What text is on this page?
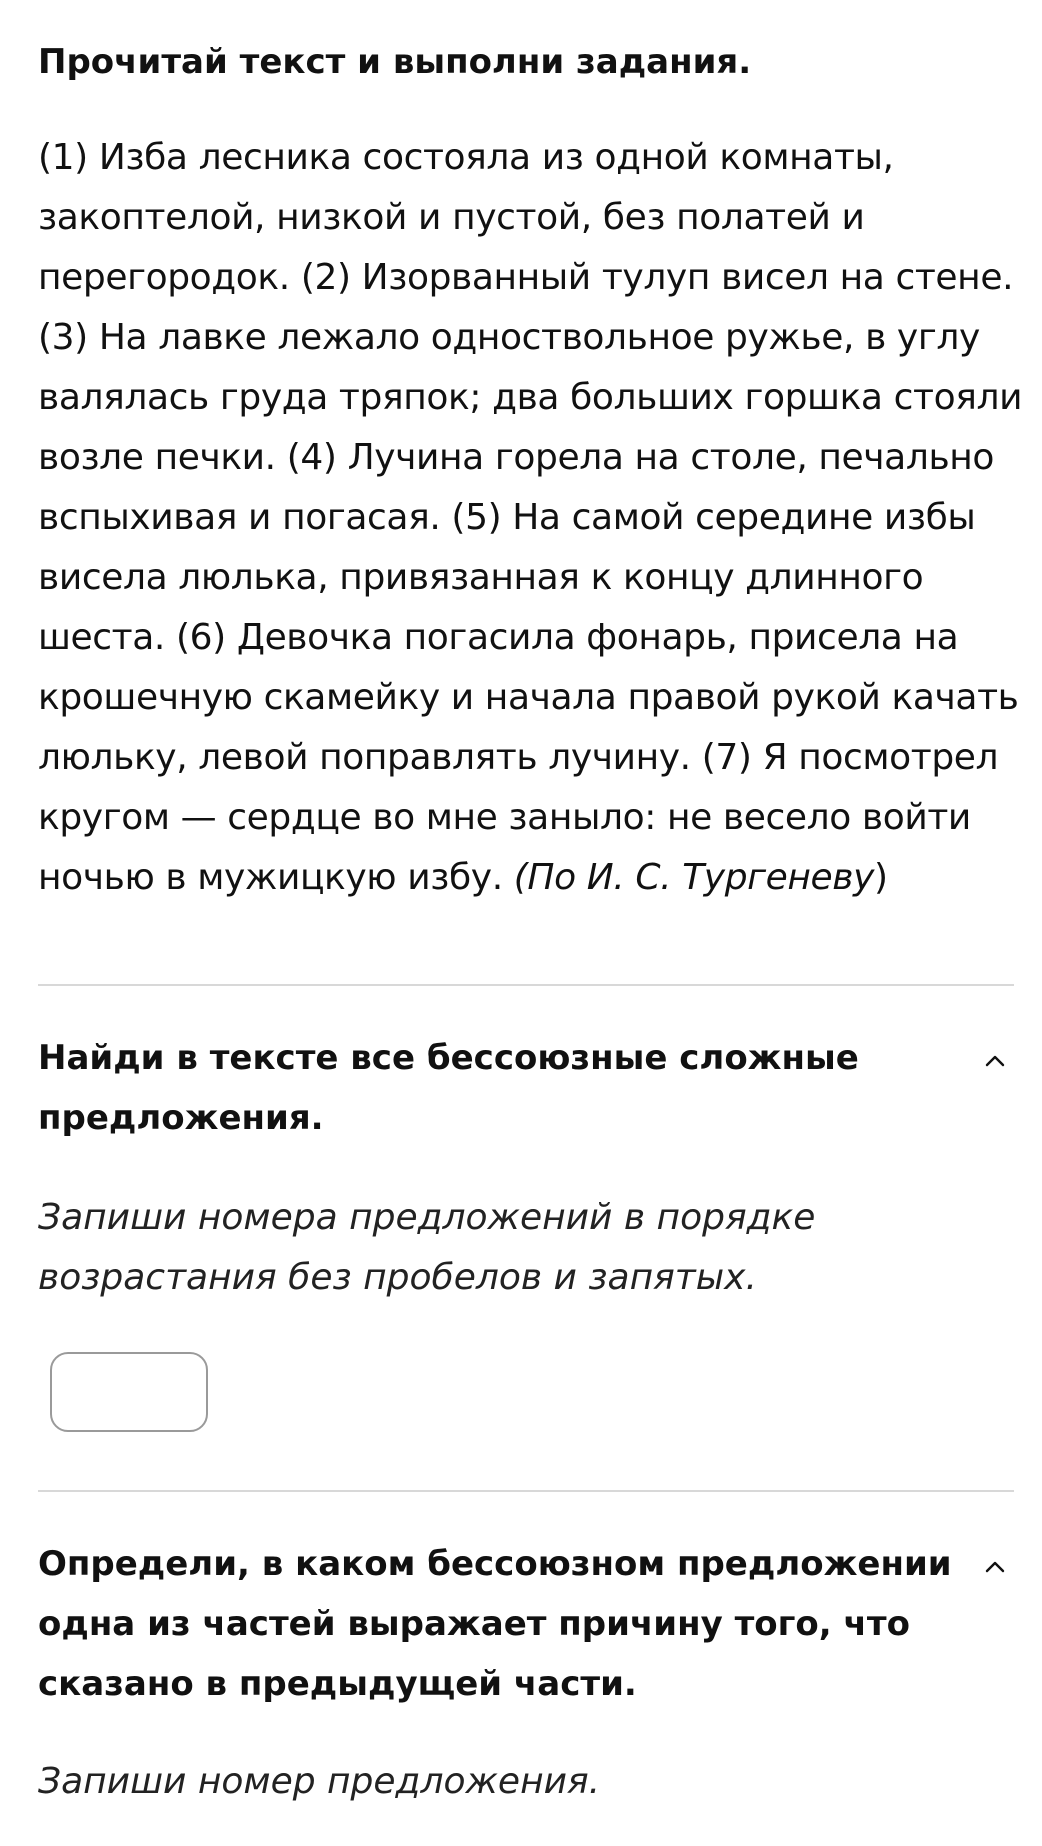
Прочитай текст и выполни задания.
(1) Изба лесника состояла из одной комнаты,
закоптелой, низкой и пустой, без полатей и
перегородок. (2) Изорванный тулуп висел на стене.
(3) На лавке лежало одноствольное ружье, в углу
валялась груда тряпок; два больших горшка стояли
возле печки. (4) Лучина горела на столе, печально
вспыхивая и погасая. (5) На самой середине избы
висела люлька, привязанная к концу длинного
шеста. (6) Девочка погасила фонарь, присела на
крошечную скамейку и начала правой рукой качать
люльку, левой поправлять лучину. (7) Я посмотрел
кругом — сердце во мне заныло: не весело войти
ночью в мужицкую избу. (По И. С. Тургеневу)
Найди в тексте все бессоюзные сложные
предложения.

Запиши номера предложений в порядке
возрастания без пробелов и запятых.

Определи, в каком бессоюзном предложении
одна из частей выражает причину того, что
сказано в предыдущей части.

Запиши номер предложения.
